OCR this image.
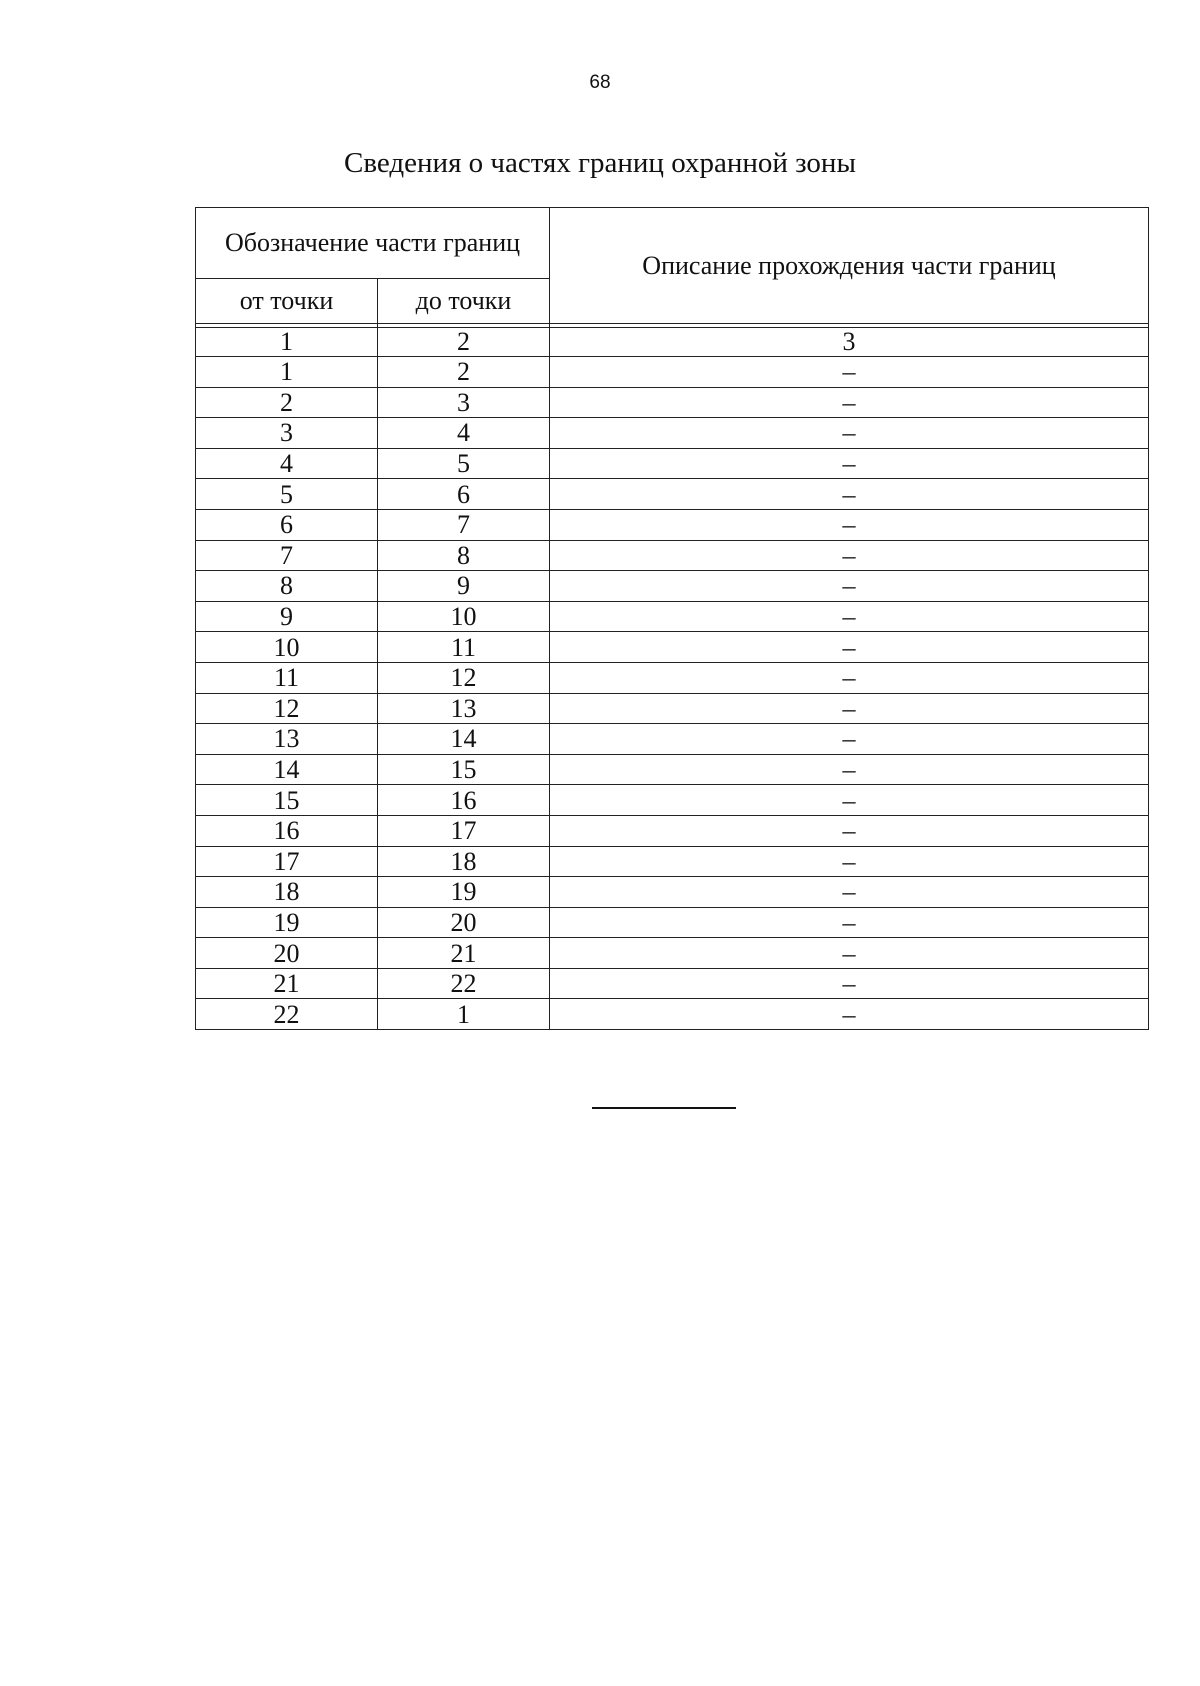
68
Сведения о частях границ охранной зоны
Обозначение части границ		Описание прохождения части границ
от точки	до точки	

1	2	3
1	2	–
2	3	–
3	4	–
4	5	–
5	6	–
6	7	–
7	8	–
8	9	–
9	10	–
10	11	–
11	12	–
12	13	–
13	14	–
14	15	–
15	16	–
16	17	–
17	18	–
18	19	–
19	20	–
20	21	–
21	22	–
22	1	–
